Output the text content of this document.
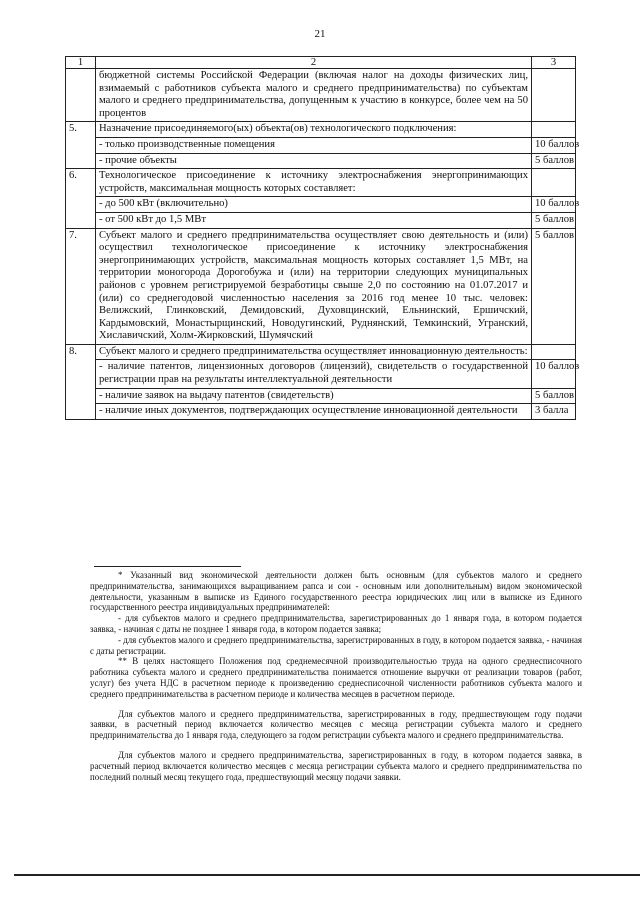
21
1	2	3
	бюджетной системы Российской Федерации (включая налог на доходы физических лиц, взимаемый с работников субъекта малого и среднего предпринимательства) по субъектам малого и среднего предпринимательства, допущенным к участию в конкурсе, более чем на 50 процентов	
5.	Назначение присоединяемого(ых) объекта(ов) технологического подключения:	
	- только производственные помещения	10 баллов
	- прочие объекты	5 баллов
6.	Технологическое присоединение к источнику электроснабжения энергопринимающих устройств, максимальная мощность которых составляет:	
	- до 500 кВт (включительно)	10 баллов
	- от 500 кВт до 1,5 МВт	5 баллов
7.	Субъект малого и среднего предпринимательства осуществляет свою деятельность и (или) осуществил технологическое присоединение к источнику электроснабжения энергопринимающих устройств, максимальная мощность которых составляет 1,5 МВт, на территории моногорода Дорогобужа и (или) на территории следующих муниципальных районов с уровнем регистрируемой безработицы свыше 2,0 по состоянию на 01.07.2017 и (или) со среднегодовой численностью населения за 2016 год менее 10 тыс. человек: Велижский, Глинковский, Демидовский, Духовщинский, Ельнинский, Ершичский, Кардымовский, Монастырщинский, Новодугинский, Руднянский, Темкинский, Угранский, Хиславичский, Холм-Жирковский, Шумячский	5 баллов
8.	Субъект малого и среднего предпринимательства осуществляет инновационную деятельность:	
	- наличие патентов, лицензионных договоров (лицензий), свидетельств о государственной регистрации прав на результаты интеллектуальной деятельности	10 баллов
	- наличие заявок на выдачу патентов (свидетельств)	5 баллов
	- наличие иных документов, подтверждающих осуществление инновационной деятельности	3 балла

* Указанный вид экономической деятельности должен быть основным (для субъектов малого и среднего предпринимательства, занимающихся выращиванием рапса и сои - основным или дополнительным) видом экономической деятельности, указанным в выписке из Единого государственного реестра юридических лиц или в выписке из Единого государственного реестра индивидуальных предпринимателей:

- для субъектов малого и среднего предпринимательства, зарегистрированных до 1 января года, в котором подается заявка, - начиная с даты не позднее 1 января года, в котором подается заявка;

- для субъектов малого и среднего предпринимательства, зарегистрированных в году, в котором подается заявка, - начиная с даты регистрации.

** В целях настоящего Положения под среднемесячной производительностью труда на одного среднесписочного работника субъекта малого и среднего предпринимательства понимается отношение выручки от реализации товаров (работ, услуг) без учета НДС в расчетном периоде к произведению среднесписочной численности работников субъекта малого и среднего предпринимательства в расчетном периоде и количества месяцев в расчетном периоде.

Для субъектов малого и среднего предпринимательства, зарегистрированных в году, предшествующем году подачи заявки, в расчетный период включается количество месяцев с месяца регистрации субъекта малого и среднего предпринимательства до 1 января года, следующего за годом регистрации субъекта малого и среднего предпринимательства.

Для субъектов малого и среднего предпринимательства, зарегистрированных в году, в котором подается заявка, в расчетный период включается количество месяцев с месяца регистрации субъекта малого и среднего предпринимательства по последний полный месяц текущего года, предшествующий месяцу подачи заявки.
